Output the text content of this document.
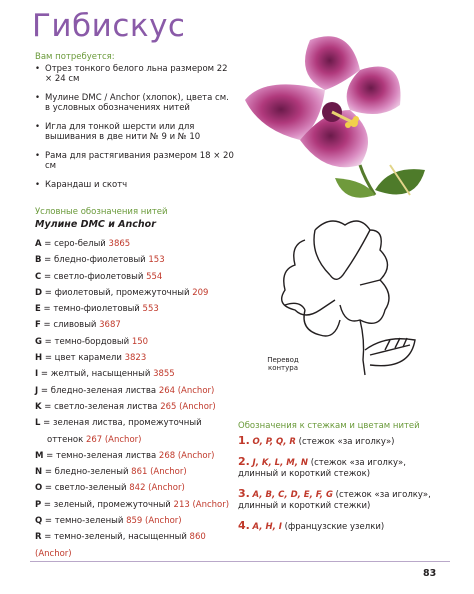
Гибискус
Вам потребуется:
• Отрез тонкого белого льна размером 22 × 24 см
• Мулине DMC / Anchor (хлопок), цвета см. в условных обозначениях нитей
• Игла для тонкой шерсти или для вышивания в две нити № 9 и № 10
• Рама для растягивания размером 18 × 20 см
• Карандаш и скотч
Условные обозначения нитей
Мулине DMC и Anchor
A = серо-белый 3865
B = бледно-фиолетовый 153
C = светло-фиолетовый 554
D = фиолетовый, промежуточный 209
E = темно-фиолетовый 553
F = сливовый 3687
G = темно-бордовый 150
H = цвет карамели 3823
I = желтый, насыщенный 3855
J = бледно-зеленая листва 264 (Anchor)
K = светло-зеленая листва 265 (Anchor)
L = зеленая листва, промежуточный
оттенок 267 (Anchor)
M = темно-зеленая листва 268 (Anchor)
N = бледно-зеленый 861 (Anchor)
O = светло-зеленый 842 (Anchor)
P = зеленый, промежуточный 213 (Anchor)
Q = темно-зеленый 859 (Anchor)
R = темно-зеленый, насыщенный 860
(Anchor)
Перевод контура
Обозначения к стежкам и цветам нитей
1. O, P, Q, R (стежок «за иголку»)
2. J, K, L, M, N (стежок «за иголку», длинный и короткий стежок)
3. A, B, C, D, E, F, G (стежок «за иголку», длинный и короткий стежки)
4. A, H, I (французские узелки)
83
